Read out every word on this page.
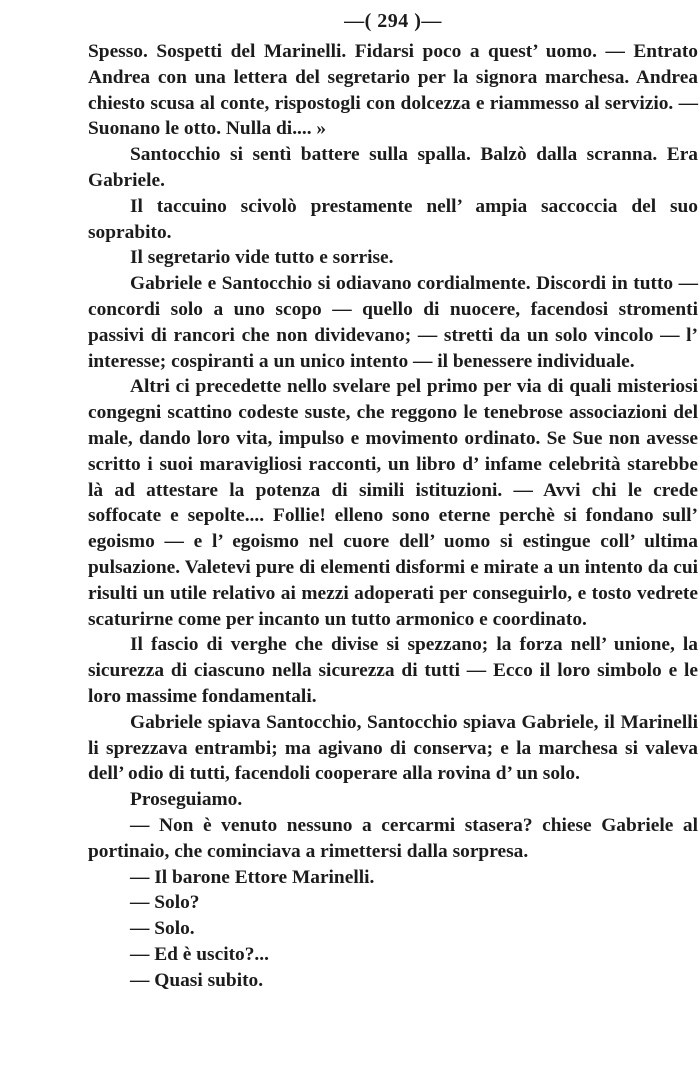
—( 294 )—

Spesso. Sospetti del Marinelli. Fidarsi poco a quest’ uomo. — Entrato Andrea con una lettera del segretario per la signora marchesa. Andrea chiesto scusa al conte, rispostogli con dolcezza e riammesso al servizio. — Suonano le otto. Nulla di.... »

Santocchio si sentì battere sulla spalla. Balzò dalla scranna. Era Gabriele.

Il taccuino scivolò prestamente nell’ ampia saccoccia del suo soprabito.

Il segretario vide tutto e sorrise.

Gabriele e Santocchio si odiavano cordialmente. Discordi in tutto — concordi solo a uno scopo — quello di nuocere, facendosi stromenti passivi di rancori che non dividevano; — stretti da un solo vincolo — l’ interesse; cospiranti a un unico intento — il benessere individuale.

Altri ci precedette nello svelare pel primo per via di quali misteriosi congegni scattino codeste suste, che reggono le tenebrose associazioni del male, dando loro vita, impulso e movimento ordinato. Se Sue non avesse scritto i suoi maravigliosi racconti, un libro d’ infame celebrità starebbe là ad attestare la potenza di simili istituzioni. — Avvi chi le crede soffocate e sepolte.... Follie! elleno sono eterne perchè si fondano sull’ egoismo — e l’ egoismo nel cuore dell’ uomo si estingue coll’ ultima pulsazione. Valetevi pure di elementi disformi e mirate a un intento da cui risulti un utile relativo ai mezzi adoperati per conseguirlo, e tosto vedrete scaturirne come per incanto un tutto armonico e coordinato.

Il fascio di verghe che divise si spezzano; la forza nell’ unione, la sicurezza di ciascuno nella sicurezza di tutti — Ecco il loro simbolo e le loro massime fondamentali.

Gabriele spiava Santocchio, Santocchio spiava Gabriele, il Marinelli li sprezzava entrambi; ma agivano di conserva; e la marchesa si valeva dell’ odio di tutti, facendoli cooperare alla rovina d’ un solo.

Proseguiamo.

— Non è venuto nessuno a cercarmi stasera? chiese Gabriele al portinaio, che cominciava a rimettersi dalla sorpresa.

— Il barone Ettore Marinelli.

— Solo?

— Solo.

— Ed è uscito?...

— Quasi subito.
